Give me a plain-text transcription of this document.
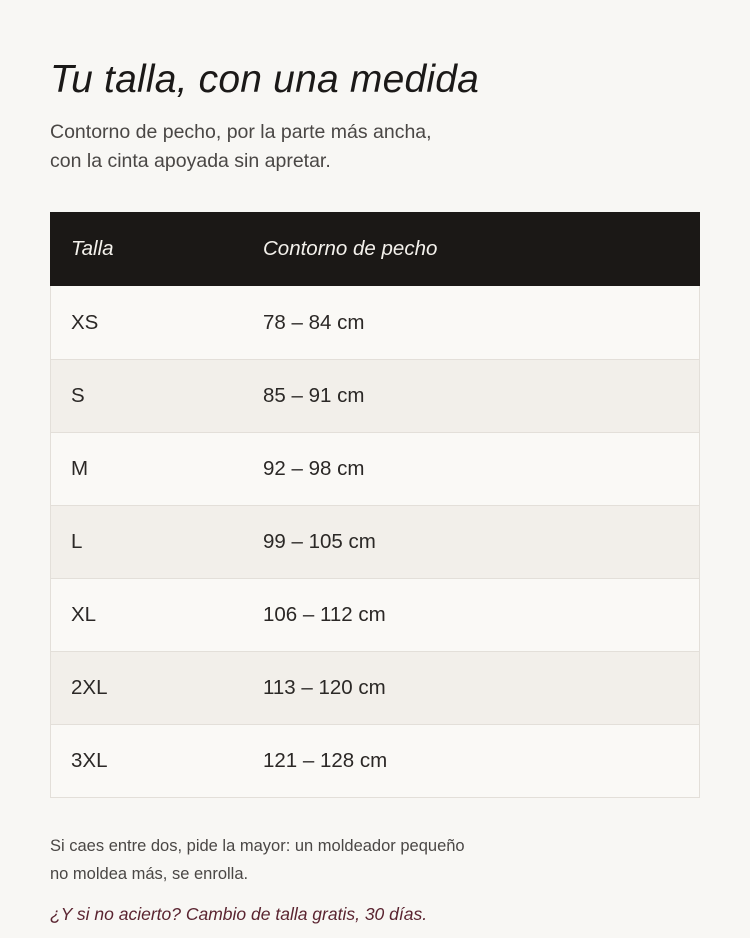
Tu talla, con una medida

Contorno de pecho, por la parte más ancha,
con la cinta apoyada sin apretar.

Talla	Contorno de pecho
XS	78 – 84 cm
S	85 – 91 cm
M	92 – 98 cm
L	99 – 105 cm
XL	106 – 112 cm
2XL	113 – 120 cm
3XL	121 – 128 cm

Si caes entre dos, pide la mayor: un moldeador pequeño
no moldea más, se enrolla.

¿Y si no acierto? Cambio de talla gratis, 30 días.
